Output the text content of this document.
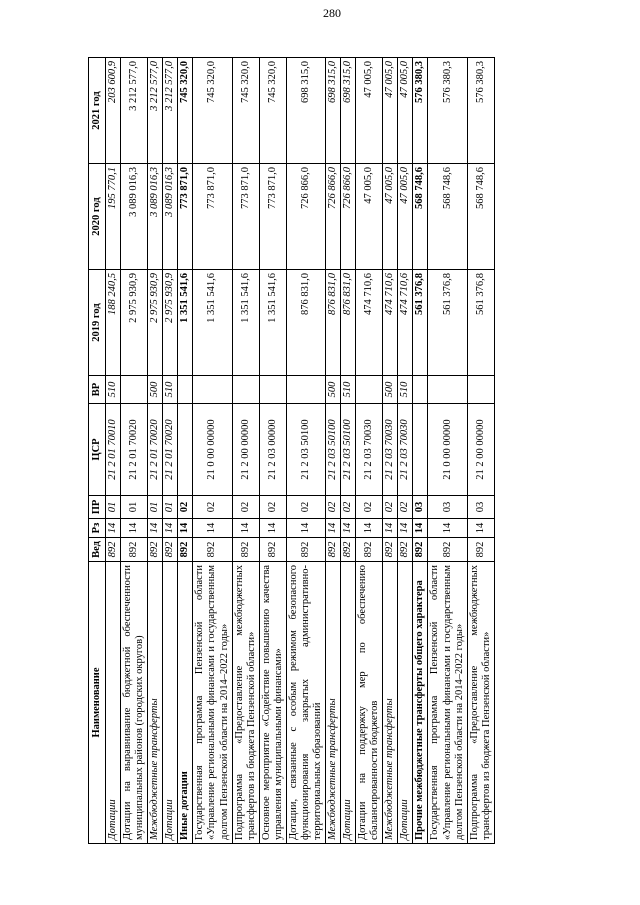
280
Наименование	Вед	Рз	ПР	ЦСР	ВР	2019 год	2020 год	2021 год
Дотации	892	14	01	21 2 01 70010	510	188 240,5	195 770,1	203 600,9
Дотации на выравнивание бюджетной обеспеченности муниципальных районов (городских округов)	892	14	01	21 2 01 70020		2 975 930,9	3 089 016,3	3 212 577,0
Межбюджетные трансферты	892	14	01	21 2 01 70020	500	2 975 930,9	3 089 016,3	3 212 577,0
Дотации	892	14	01	21 2 01 70020	510	2 975 930,9	3 089 016,3	3 212 577,0
Иные дотации	892	14	02			1 351 541,6	773 871,0	745 320,0
Государственная программа Пензенской области «Управление региональными финансами и государственным долгом Пензенской области на 2014–2022 годы»	892	14	02	21 0 00 00000		1 351 541,6	773 871,0	745 320,0
Подпрограмма «Предоставление межбюджетных трансфертов из бюджета Пензенской области»	892	14	02	21 2 00 00000		1 351 541,6	773 871,0	745 320,0
Основное мероприятие «Содействие повышению качества управления муниципальными финансами»	892	14	02	21 2 03 00000		1 351 541,6	773 871,0	745 320,0
Дотации, связанные с особым режимом безопасного функционирования закрытых административно-территориальных образований	892	14	02	21 2 03 50100		876 831,0	726 866,0	698 315,0
Межбюджетные трансферты	892	14	02	21 2 03 50100	500	876 831,0	726 866,0	698 315,0
Дотации	892	14	02	21 2 03 50100	510	876 831,0	726 866,0	698 315,0
Дотации на поддержку мер по обеспечению сбалансированности бюджетов	892	14	02	21 2 03 70030		474 710,6	47 005,0	47 005,0
Межбюджетные трансферты	892	14	02	21 2 03 70030	500	474 710,6	47 005,0	47 005,0
Дотации	892	14	02	21 2 03 70030	510	474 710,6	47 005,0	47 005,0
Прочие межбюджетные трансферты общего характера	892	14	03			561 376,8	568 748,6	576 380,3
Государственная программа Пензенской области «Управление региональными финансами и государственным долгом Пензенской области на 2014–2022 годы»	892	14	03	21 0 00 00000		561 376,8	568 748,6	576 380,3
Подпрограмма «Предоставление межбюджетных трансфертов из бюджета Пензенской области»	892	14	03	21 2 00 00000		561 376,8	568 748,6	576 380,3
